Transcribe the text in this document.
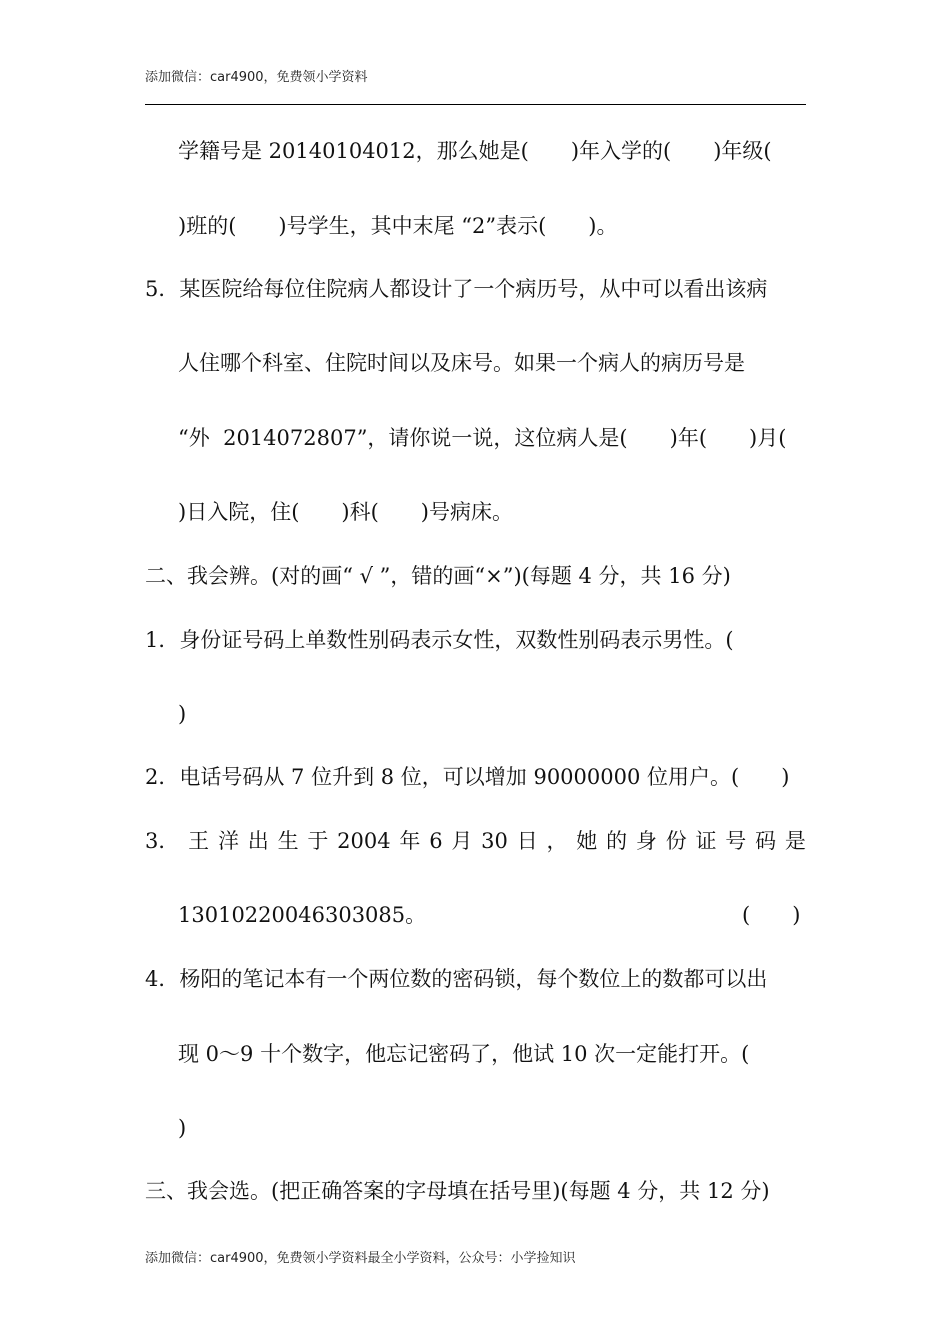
添加微信：car4900，免费领小学资料
学籍号是 20140104012，那么她是(　　)年入学的(　　)年级(
)班的(　　)号学生，其中末尾 “2”表示(　　)。
5．某医院给每位住院病人都设计了一个病历号，从中可以看出该病
人住哪个科室、住院时间以及床号。如果一个病人的病历号是
“外  2014072807”，请你说一说，这位病人是(　　)年(　　)月(
)日入院，住(　　)科(　　)号病床。
二、我会辨。(对的画“ √ ”，错的画“×”)(每题 4 分，共 16 分)
1．身份证号码上单数性别码表示女性，双数性别码表示男性。(
)
2．电话号码从 7 位升到 8 位，可以增加 90000000 位用户。(　　)
3． 王 洋 出 生 于 2004 年 6 月 30 日 ， 她 的 身 份 证 号 码 是
13010220046303085。	(　　)
4．杨阳的笔记本有一个两位数的密码锁，每个数位上的数都可以出
现 0～9 十个数字，他忘记密码了，他试 10 次一定能打开。(
)
三、我会选。(把正确答案的字母填在括号里)(每题 4 分，共 12 分)
添加微信：car4900，免费领小学资料最全小学资料，公众号：小学捡知识
